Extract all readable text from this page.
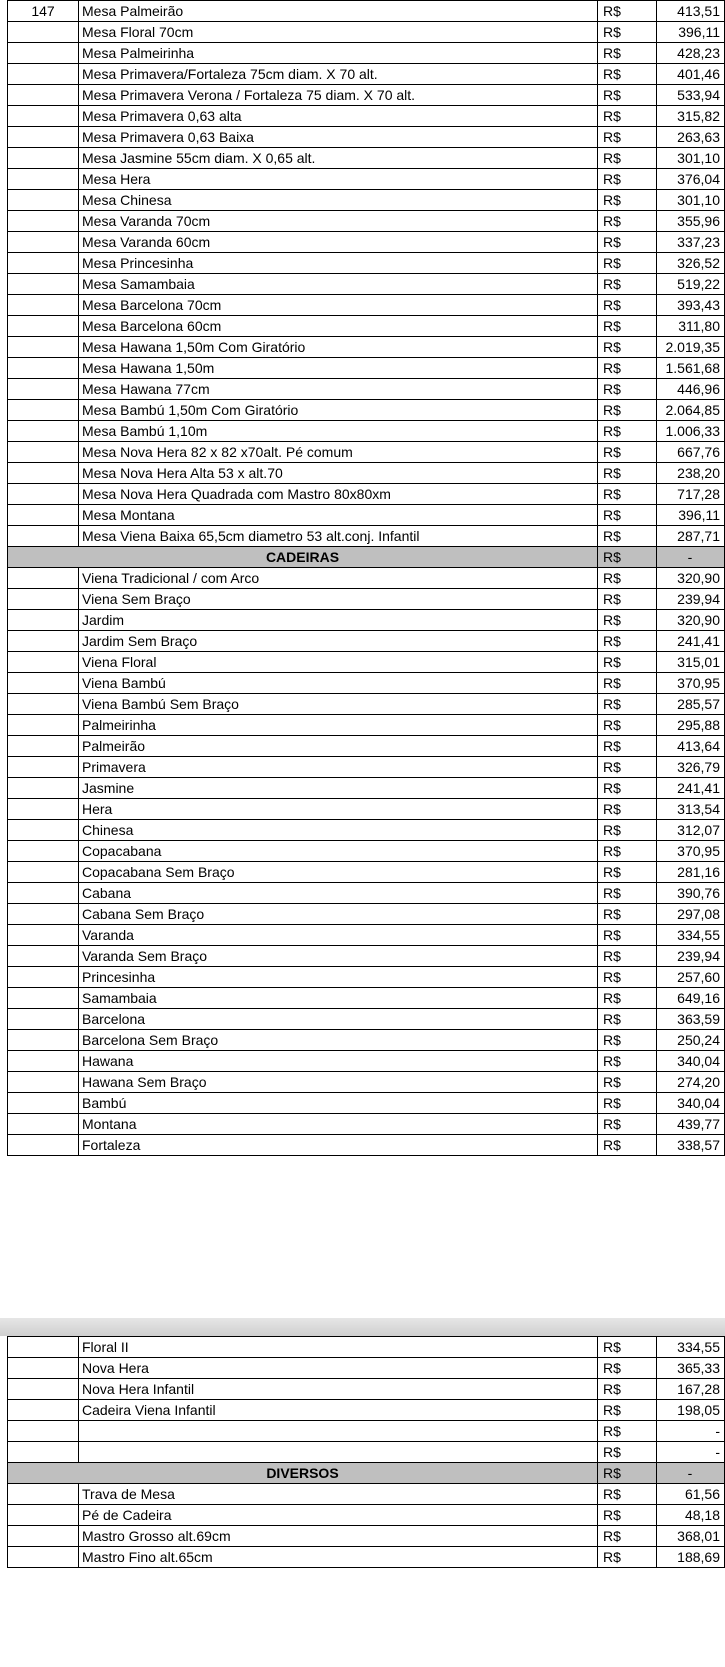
147	Mesa Palmeirão	R$	413,51	
	Mesa Floral 70cm	R$	396,11	
	Mesa Palmeirinha	R$	428,23	
	Mesa Primavera/Fortaleza 75cm diam. X 70 alt.	R$	401,46	
	Mesa Primavera Verona / Fortaleza 75 diam. X 70 alt.	R$	533,94	
	Mesa Primavera 0,63 alta	R$	315,82	
	Mesa Primavera 0,63 Baixa	R$	263,63	
	Mesa Jasmine 55cm diam. X 0,65 alt.	R$	301,10	
	Mesa Hera	R$	376,04	
	Mesa Chinesa	R$	301,10	
	Mesa Varanda 70cm	R$	355,96	
	Mesa Varanda 60cm	R$	337,23	
	Mesa Princesinha	R$	326,52	
	Mesa Samambaia	R$	519,22	
	Mesa Barcelona 70cm	R$	393,43	
	Mesa Barcelona 60cm	R$	311,80	
	Mesa Hawana 1,50m Com Giratório	R$	2.019,35	
	Mesa Hawana 1,50m	R$	1.561,68	
	Mesa Hawana 77cm	R$	446,96	
	Mesa Bambú 1,50m Com Giratório	R$	2.064,85	
	Mesa Bambú 1,10m	R$	1.006,33	
	Mesa Nova Hera 82 x 82 x70alt. Pé comum	R$	667,76	
	Mesa Nova Hera Alta 53 x alt.70	R$	238,20	
	Mesa Nova Hera Quadrada com Mastro 80x80xm	R$	717,28	
	Mesa Montana	R$	396,11	
	Mesa Viena Baixa 65,5cm diametro 53 alt.conj. Infantil	R$	287,71	
CADEIRAS		R$	-	
	Viena Tradicional / com Arco	R$	320,90	
	Viena Sem Braço	R$	239,94	
	Jardim	R$	320,90	
	Jardim Sem Braço	R$	241,41	
	Viena Floral	R$	315,01	
	Viena Bambú	R$	370,95	
	Viena Bambú Sem Braço	R$	285,57	
	Palmeirinha	R$	295,88	
	Palmeirão	R$	413,64	
	Primavera	R$	326,79	
	Jasmine	R$	241,41	
	Hera	R$	313,54	
	Chinesa	R$	312,07	
	Copacabana	R$	370,95	
	Copacabana Sem Braço	R$	281,16	
	Cabana	R$	390,76	
	Cabana Sem Braço	R$	297,08	
	Varanda	R$	334,55	
	Varanda Sem Braço	R$	239,94	
	Princesinha	R$	257,60	
	Samambaia	R$	649,16	
	Barcelona	R$	363,59	
	Barcelona Sem Braço	R$	250,24	
	Hawana	R$	340,04	
	Hawana Sem Braço	R$	274,20	
	Bambú	R$	340,04	
	Montana	R$	439,77	
	Fortaleza	R$	338,57	
	Floral II	R$	334,55	
	Nova Hera	R$	365,33	
	Nova Hera Infantil	R$	167,28	
	Cadeira Viena Infantil	R$	198,05	
		R$	-	
		R$	-	
DIVERSOS		R$	-	
	Trava de Mesa	R$	61,56	
	Pé de Cadeira	R$	48,18	
	Mastro Grosso alt.69cm	R$	368,01	
	Mastro Fino alt.65cm	R$	188,69	
